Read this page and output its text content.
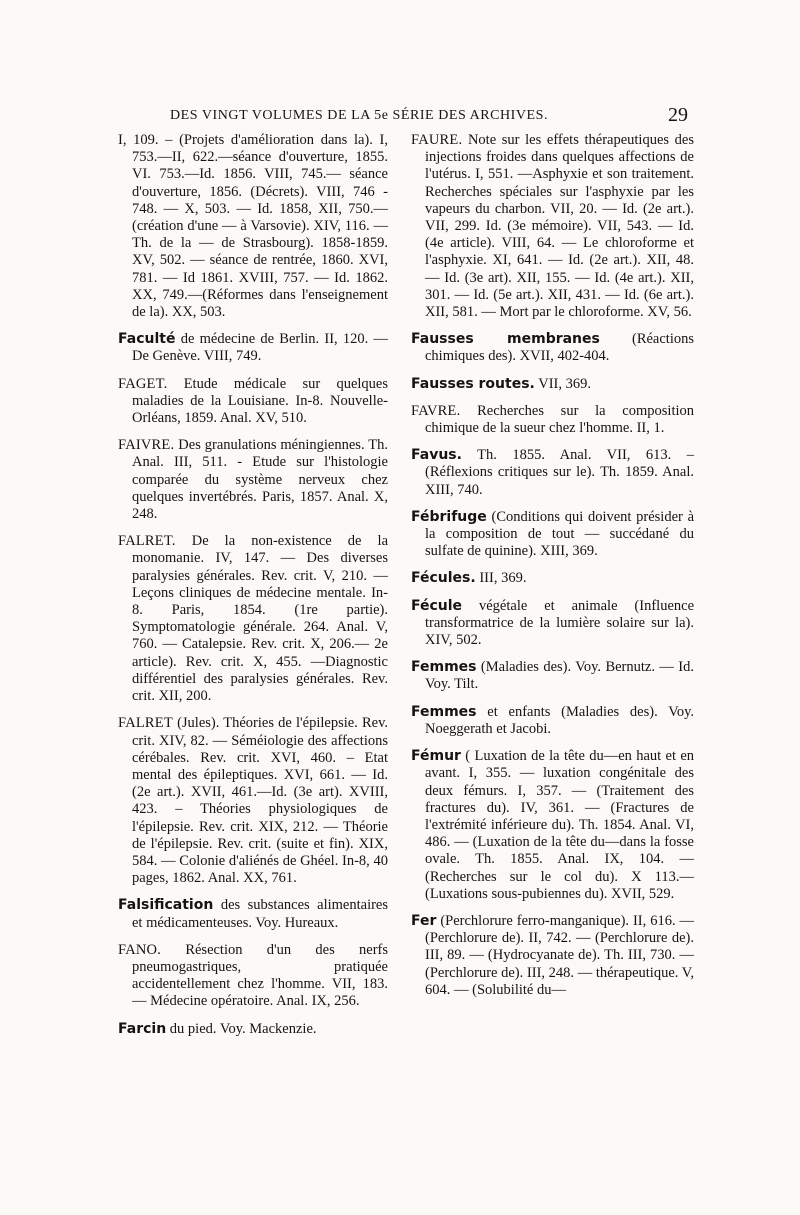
DES VINGT VOLUMES DE LA 5e SÉRIE DES ARCHIVES.	29

I, 109. – (Projets d'amélioration dans la). I, 753.—II, 622.—séance d'ouverture, 1855. VI. 753.—Id. 1856. VIII, 745.— séance d'ouverture, 1856. (Décrets). VIII, 746 - 748. — X, 503. — Id. 1858, XII, 750.—(création d'une — à Varsovie). XIV, 116. — Th. de la — de Strasbourg). 1858-1859. XV, 502. — séance de rentrée, 1860. XVI, 781. — Id 1861. XVIII, 757. — Id. 1862. XX, 749.—(Réformes dans l'enseignement de la). XX, 503.

Faculté de médecine de Berlin. II, 120. — De Genève. VIII, 749.

FAGET. Etude médicale sur quelques maladies de la Louisiane. In-8. Nouvelle-Orléans, 1859. Anal. XV, 510.

FAIVRE. Des granulations méningiennes. Th. Anal. III, 511. - Etude sur l'histologie comparée du système nerveux chez quelques invertébrés. Paris, 1857. Anal. X, 248.

FALRET. De la non-existence de la monomanie. IV, 147. — Des diverses paralysies générales. Rev. crit. V, 210. — Leçons cliniques de médecine mentale. In-8. Paris, 1854. (1re partie). Symptomatologie générale. 264. Anal. V, 760. — Catalepsie. Rev. crit. X, 206.— 2e article). Rev. crit. X, 455. —Diagnostic différentiel des paralysies générales. Rev. crit. XII, 200.

FALRET (Jules). Théories de l'épilepsie. Rev. crit. XIV, 82. — Séméiologie des affections cérébales. Rev. crit. XVI, 460. – Etat mental des épileptiques. XVI, 661. — Id. (2e art.). XVII, 461.—Id. (3e art). XVIII, 423. – Théories physiologiques de l'épilepsie. Rev. crit. XIX, 212. — Théorie de l'épilepsie. Rev. crit. (suite et fin). XIX, 584. — Colonie d'aliénés de Ghéel. In-8, 40 pages, 1862. Anal. XX, 761.

Falsification des substances alimentaires et médicamenteuses. Voy. Hureaux.

FANO. Résection d'un des nerfs pneumogastriques, pratiquée accidentellement chez l'homme. VII, 183. — Médecine opératoire. Anal. IX, 256.

Farcin du pied. Voy. Mackenzie.

FAURE. Note sur les effets thérapeutiques des injections froides dans quelques affections de l'utérus. I, 551. —Asphyxie et son traitement. Recherches spéciales sur l'asphyxie par les vapeurs du charbon. VII, 20. — Id. (2e art.). VII, 299. Id. (3e mémoire). VII, 543. — Id. (4e article). VIII, 64. — Le chloroforme et l'asphyxie. XI, 641. — Id. (2e art.). XII, 48. — Id. (3e art). XII, 155. — Id. (4e art.). XII, 301. — Id. (5e art.). XII, 431. — Id. (6e art.). XII, 581. — Mort par le chloroforme. XV, 56.

Fausses membranes (Réactions chimiques des). XVII, 402-404.

Fausses routes. VII, 369.

FAVRE. Recherches sur la composition chimique de la sueur chez l'homme. II, 1.

Favus. Th. 1855. Anal. VII, 613. – (Réflexions critiques sur le). Th. 1859. Anal. XIII, 740.

Fébrifuge (Conditions qui doivent présider à la composition de tout — succédané du sulfate de quinine). XIII, 369.

Fécules. III, 369.

Fécule végétale et animale (Influence transformatrice de la lumière solaire sur la). XIV, 502.

Femmes (Maladies des). Voy. Bernutz. — Id. Voy. Tilt.

Femmes et enfants (Maladies des). Voy. Noeggerath et Jacobi.

Fémur ( Luxation de la tête du—en haut et en avant. I, 355. — luxation congénitale des deux fémurs. I, 357. — (Traitement des fractures du). IV, 361. — (Fractures de l'extrémité inférieure du). Th. 1854. Anal. VI, 486. — (Luxation de la tête du—dans la fosse ovale. Th. 1855. Anal. IX, 104. — (Recherches sur le col du). X 113.— (Luxations sous-pubiennes du). XVII, 529.

Fer (Perchlorure ferro-manganique). II, 616. — (Perchlorure de). II, 742. — (Perchlorure de). III, 89. — (Hydrocyanate de). Th. III, 730. — (Perchlorure de). III, 248. — thérapeutique. V, 604. — (Solubilité du—
